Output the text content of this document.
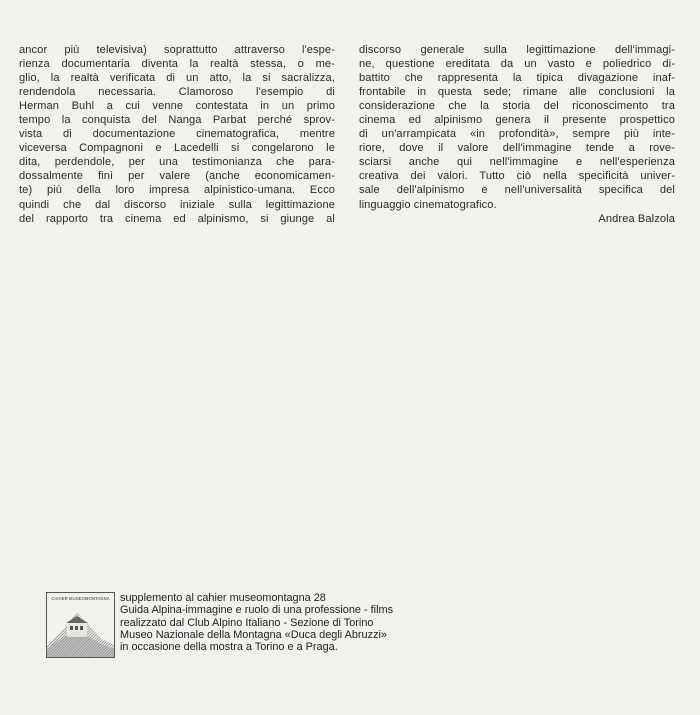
ancor più televisiva) soprattutto attraverso l'espe-
rienza documentaria diventa la realtà stessa, o me-
glio, la realtà verificata di un atto, la si sacralizza,
rendendola necessaria. Clamoroso l'esempio di
Herman Buhl a cui venne contestata in un primo
tempo la conquista del Nanga Parbat perché sprov-
vista di documentazione cinematografica, mentre
viceversa Compagnoni e Lacedelli si congelarono le
dita, perdendole, per una testimonianza che para-
dossalmente finì per valere (anche economicamen-
te) più della loro impresa alpinistico-umana. Ecco
quindi che dal discorso iniziale sulla legittimazione
del rapporto tra cinema ed alpinismo, si giunge al
discorso generale sulla legittimazione dell'immagi-
ne, questione ereditata da un vasto e poliedrico di-
battito che rappresenta la tipica divagazione inaf-
frontabile in questa sede; rimane alle conclusioni la
considerazione che la storia del riconoscimento tra
cinema ed alpinismo genera il presente prospettico
di un'arrampicata «in profondità», sempre più inte-
riore, dove il valore dell'immagine tende a rove-
sciarsi anche qui nell'immagine e nell'esperienza
creativa dei valori. Tutto ciò nella specificità univer-
sale dell'alpinismo e nell'universalità specifica del
linguaggio cinematografico.
Andrea Balzola
CAHIER MUSEOMONTAGNA supplemento al cahier museomontagna 28
Guida Alpina-immagine e ruolo di una professione - films
realizzato dal Club Alpino Italiano - Sezione di Torino
Museo Nazionale della Montagna «Duca degli Abruzzi»
in occasione della mostra a Torino e a Praga.
